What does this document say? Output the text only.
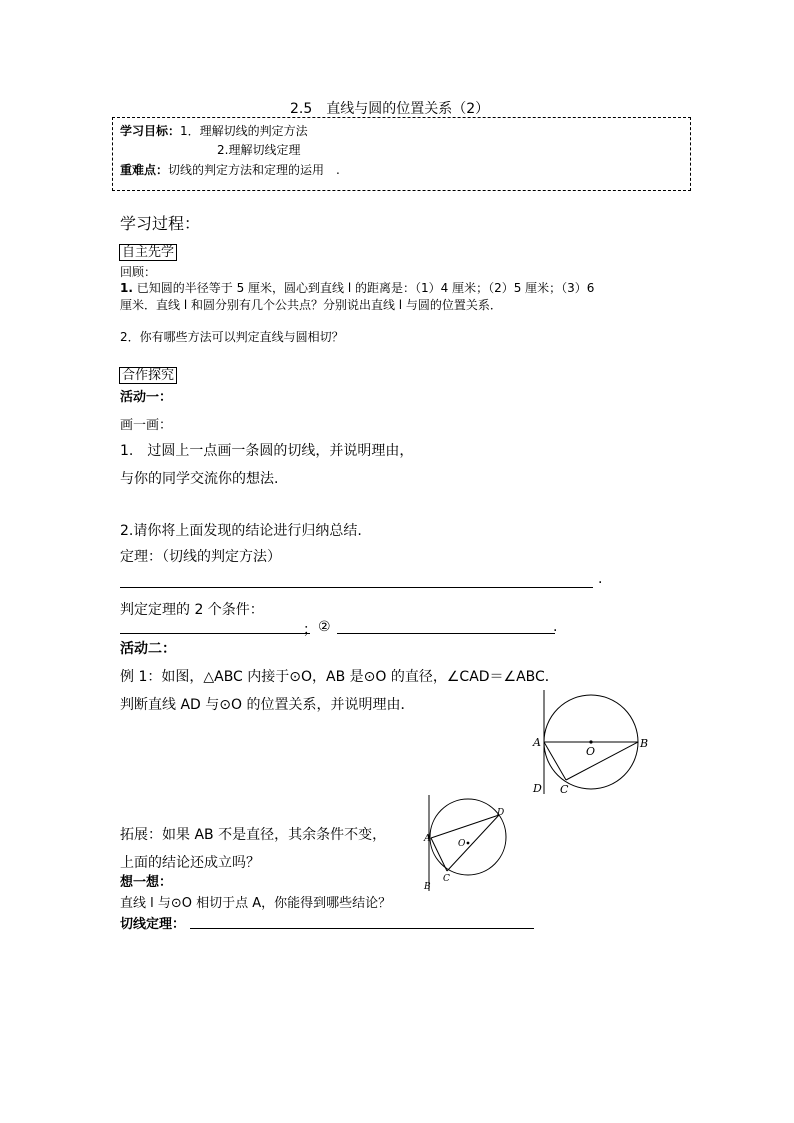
2.5　直线与圆的位置关系（2）
学习目标：1．理解切线的判定方法
2.理解切线定理
重难点：切线的判定方法和定理的运用　.
学习过程：
自主先学
回顾：
1. 已知圆的半径等于 5 厘米，圆心到直线 l 的距离是：（1）4 厘米；（2）5 厘米；（3）6
厘米．直线 l 和圆分别有几个公共点？分别说出直线 l 与圆的位置关系．
2．你有哪些方法可以判定直线与圆相切？
合作探究
活动一：
画一画：
1.　过圆上一点画一条圆的切线，并说明理由，
与你的同学交流你的想法.
2.请你将上面发现的结论进行归纳总结.
定理：（切线的判定方法）
.
判定定理的 2 个条件：
； ②	.
活动二：
例 1：如图，△ABC 内接于⊙O，AB 是⊙O 的直径，∠CAD＝∠ABC．
判断直线 AD 与⊙O 的位置关系，并说明理由．
A	B
O
D C
拓展：如果 AB 不是直径，其余条件不变，
上面的结论还成立吗？
A
B
O
D
C
想一想：
直线 l 与⊙O 相切于点 A，你能得到哪些结论？
切线定理：
